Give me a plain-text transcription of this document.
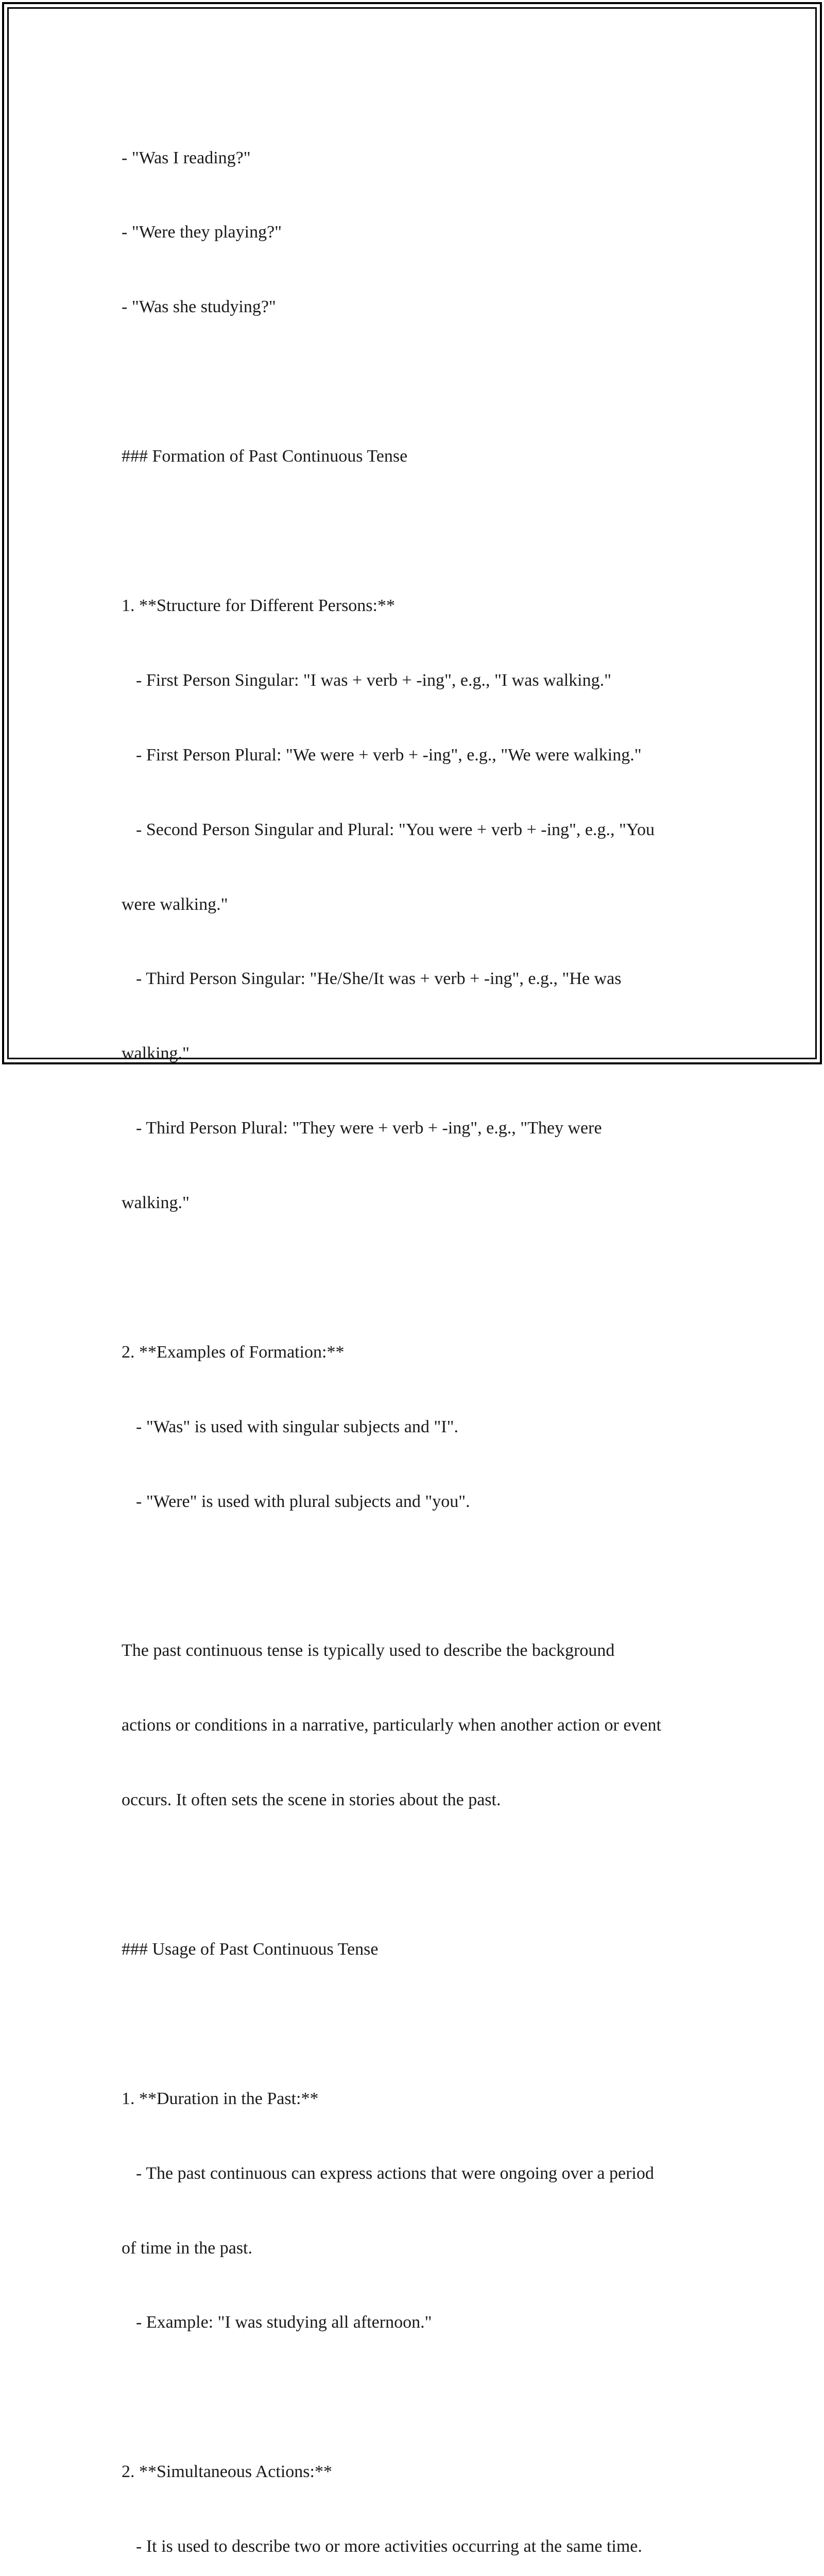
- "Was I reading?"

- "Were they playing?"

- "Was she studying?"

### Formation of Past Continuous Tense

1. **Structure for Different Persons:**

- First Person Singular: "I was + verb + -ing", e.g., "I was walking."

- First Person Plural: "We were + verb + -ing", e.g., "We were walking."

- Second Person Singular and Plural: "You were + verb + -ing", e.g., "You

were walking."

- Third Person Singular: "He/She/It was + verb + -ing", e.g., "He was

walking."

- Third Person Plural: "They were + verb + -ing", e.g., "They were

walking."

2. **Examples of Formation:**

- "Was" is used with singular subjects and "I".

- "Were" is used with plural subjects and "you".

The past continuous tense is typically used to describe the background

actions or conditions in a narrative, particularly when another action or event

occurs. It often sets the scene in stories about the past.

### Usage of Past Continuous Tense

1. **Duration in the Past:**

- The past continuous can express actions that were ongoing over a period

of time in the past.

- Example: "I was studying all afternoon."

2. **Simultaneous Actions:**

- It is used to describe two or more activities occurring at the same time.
